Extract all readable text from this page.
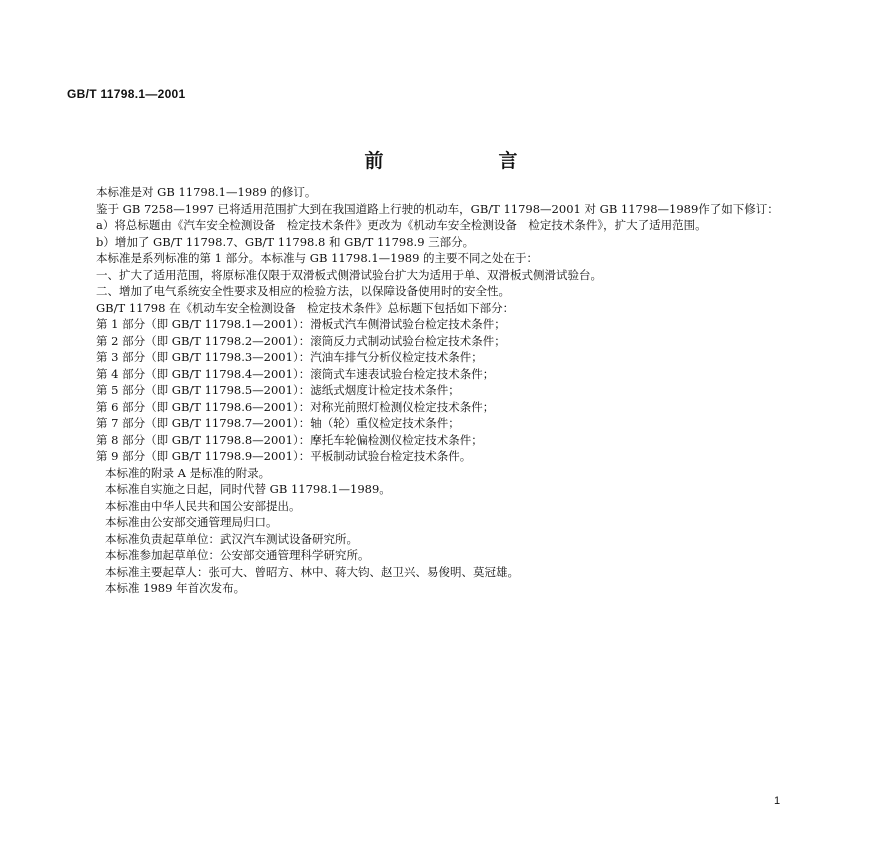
GB/T 11798.1—2001
前　言

本标准是对 GB 11798.1—1989 的修订。

鉴于 GB 7258—1997 已将适用范围扩大到在我国道路上行驶的机动车，GB/T 11798—2001 对 GB 11798—1989作了如下修订：

a）将总标题由《汽车安全检测设备　检定技术条件》更改为《机动车安全检测设备　检定技术条件》，扩大了适用范围。

b）增加了 GB/T 11798.7、GB/T 11798.8 和 GB/T 11798.9 三部分。

本标准是系列标准的第 1 部分。本标准与 GB 11798.1—1989 的主要不同之处在于：

一、扩大了适用范围，将原标准仅限于双滑板式侧滑试验台扩大为适用于单、双滑板式侧滑试验台。

二、增加了电气系统安全性要求及相应的检验方法，以保障设备使用时的安全性。

GB/T 11798 在《机动车安全检测设备　检定技术条件》总标题下包括如下部分：

第 1 部分（即 GB/T 11798.1—2001）：滑板式汽车侧滑试验台检定技术条件；

第 2 部分（即 GB/T 11798.2—2001）：滚筒反力式制动试验台检定技术条件；

第 3 部分（即 GB/T 11798.3—2001）：汽油车排气分析仪检定技术条件；

第 4 部分（即 GB/T 11798.4—2001）：滚筒式车速表试验台检定技术条件；

第 5 部分（即 GB/T 11798.5—2001）：滤纸式烟度计检定技术条件；

第 6 部分（即 GB/T 11798.6—2001）：对称光前照灯检测仪检定技术条件；

第 7 部分（即 GB/T 11798.7—2001）：轴（轮）重仪检定技术条件；

第 8 部分（即 GB/T 11798.8—2001）：摩托车轮偏检测仪检定技术条件；

第 9 部分（即 GB/T 11798.9—2001）：平板制动试验台检定技术条件。

本标准的附录 A 是标准的附录。

本标准自实施之日起，同时代替 GB 11798.1—1989。

本标准由中华人民共和国公安部提出。

本标准由公安部交通管理局归口。

本标准负责起草单位：武汉汽车测试设备研究所。

本标准参加起草单位：公安部交通管理科学研究所。

本标准主要起草人：张可大、曾昭方、林中、蒋大钧、赵卫兴、易俊明、莫冠雄。

本标准 1989 年首次发布。

1
